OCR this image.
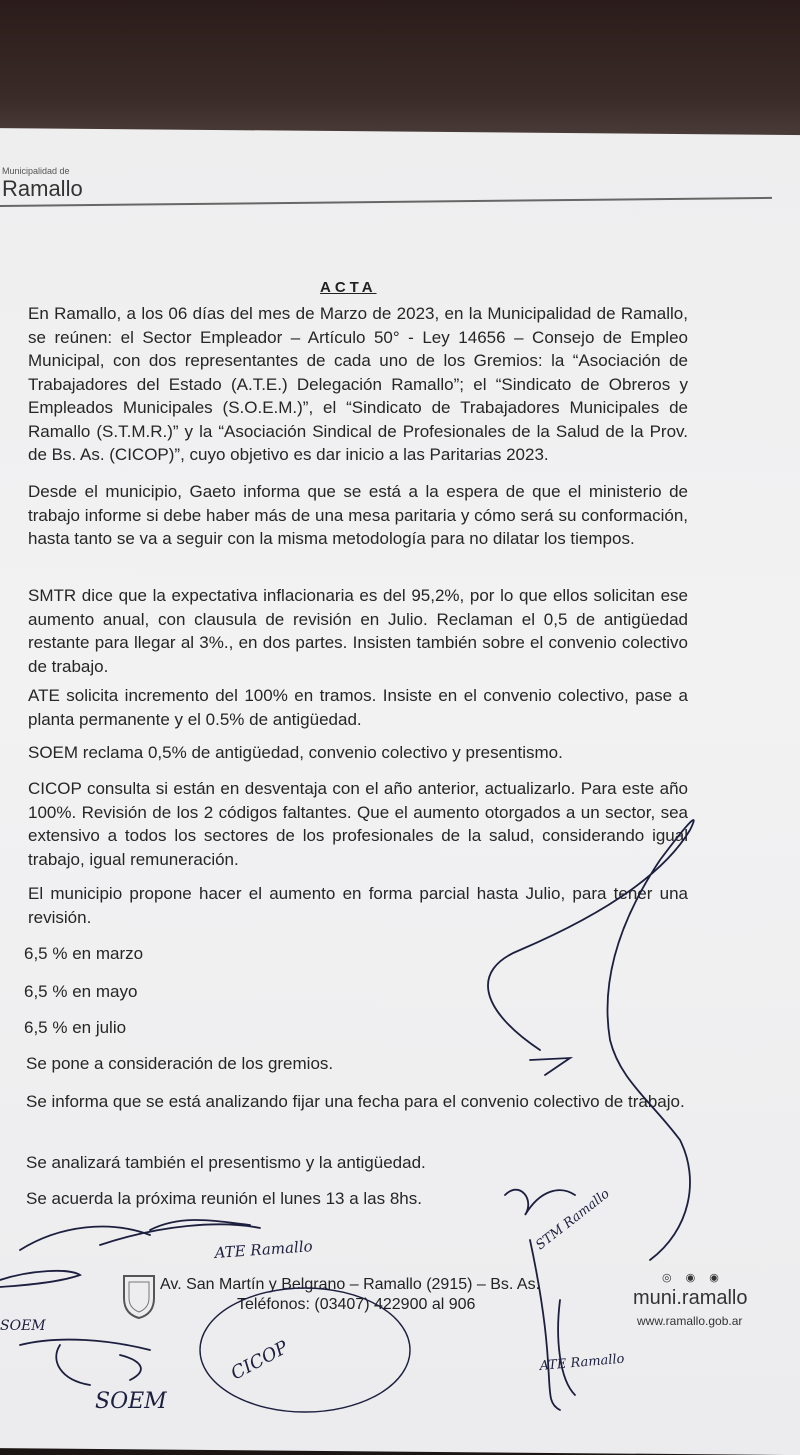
Municipalidad de
Ramallo
ACTA
En Ramallo, a los 06 días del mes de Marzo de 2023, en la Municipalidad de Ramallo, se reúnen: el Sector Empleador – Artículo 50° - Ley 14656 – Consejo de Empleo Municipal, con dos representantes de cada uno de los Gremios: la “Asociación de Trabajadores del Estado (A.T.E.) Delegación Ramallo”; el “Sindicato de Obreros y Empleados Municipales (S.O.E.M.)”, el “Sindicato de Trabajadores Municipales de Ramallo (S.T.M.R.)” y la “Asociación Sindical de Profesionales de la Salud de la Prov. de Bs. As. (CICOP)”, cuyo objetivo es dar inicio a las Paritarias 2023.
Desde el municipio, Gaeto informa que se está a la espera de que el ministerio de trabajo informe si debe haber más de una mesa paritaria y cómo será su conformación, hasta tanto se va a seguir con la misma metodología para no dilatar los tiempos.
SMTR dice que la expectativa inflacionaria es del 95,2%, por lo que ellos solicitan ese aumento anual, con clausula de revisión en Julio. Reclaman el 0,5 de antigüedad restante para llegar al 3%., en dos partes. Insisten también sobre el convenio colectivo de trabajo.
ATE solicita incremento del 100% en tramos. Insiste en el convenio colectivo, pase a planta permanente y el 0.5% de antigüedad.
SOEM reclama 0,5% de antigüedad, convenio colectivo y presentismo.
CICOP consulta si están en desventaja con el año anterior, actualizarlo. Para este año 100%. Revisión de los 2 códigos faltantes. Que el aumento otorgados a un sector, sea extensivo a todos los sectores de los profesionales de la salud, considerando igual trabajo, igual remuneración.
El municipio propone hacer el aumento en forma parcial hasta Julio, para tener una revisión.
6,5 % en marzo
6,5 % en mayo
6,5 % en julio
Se pone a consideración de los gremios.
Se informa que se está analizando fijar una fecha para el convenio colectivo de trabajo.
Se analizará también el presentismo y la antigüedad.
Se acuerda la próxima reunión el lunes 13 a las 8hs.
Av. San Martín y Belgrano – Ramallo (2915) – Bs. As.
Teléfonos: (03407) 422900 al 906
◎◉◉
muni.ramallo
www.ramallo.gob.ar
ATE Ramallo
SOEM
SOEM
STM Ramallo
CICOP	ATE Ramallo
